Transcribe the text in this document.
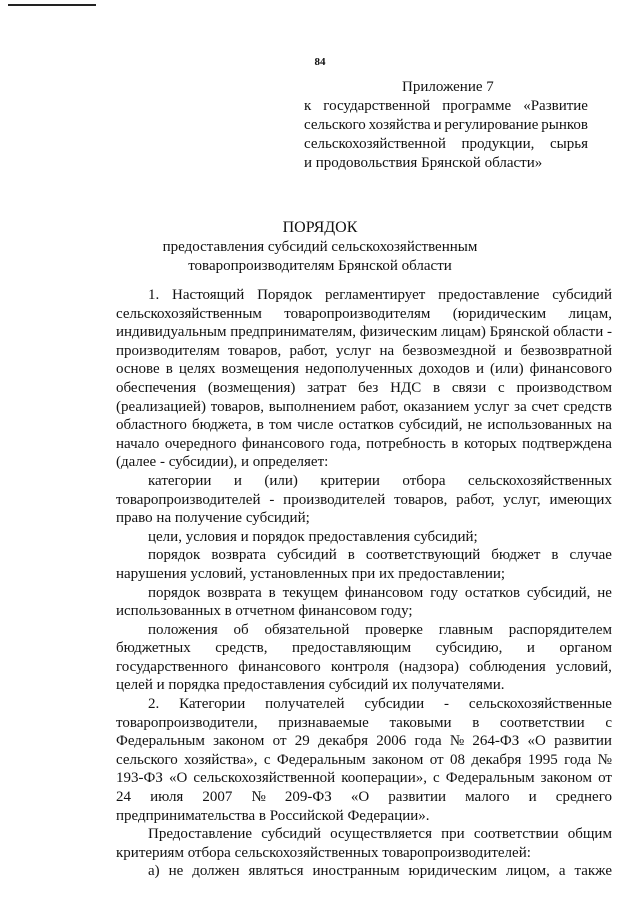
84
Приложение 7
к государственной программе «Развитие
сельского хозяйства и регулирование рынков
сельскохозяйственной продукции, сырья
и продовольствия Брянской области»
ПОРЯДОК
предоставления субсидий сельскохозяйственным
товаропроизводителям Брянской области
1. Настоящий Порядок регламентирует предоставление субсидий
сельскохозяйственным товаропроизводителям (юридическим лицам,
индивидуальным предпринимателям, физическим лицам) Брянской области -
производителям товаров, работ, услуг на безвозмездной и безвозвратной
основе в целях возмещения недополученных доходов и (или) финансового
обеспечения (возмещения) затрат без НДС в связи с производством
(реализацией) товаров, выполнением работ, оказанием услуг за счет средств
областного бюджета, в том числе остатков субсидий, не использованных на
начало очередного финансового года, потребность в которых подтверждена
(далее - субсидии), и определяет:
категории и (или) критерии отбора сельскохозяйственных
товаропроизводителей - производителей товаров, работ, услуг, имеющих
право на получение субсидий;
цели, условия и порядок предоставления субсидий;
порядок возврата субсидий в соответствующий бюджет в случае
нарушения условий, установленных при их предоставлении;
порядок возврата в текущем финансовом году остатков субсидий, не
использованных в отчетном финансовом году;
положения об обязательной проверке главным распорядителем
бюджетных средств, предоставляющим субсидию, и органом
государственного финансового контроля (надзора) соблюдения условий,
целей и порядка предоставления субсидий их получателями.
2. Категории получателей субсидии - сельскохозяйственные
товаропроизводители, признаваемые таковыми в соответствии с
Федеральным законом от 29 декабря 2006 года № 264-ФЗ «О развитии
сельского хозяйства», с Федеральным законом от 08 декабря 1995 года №
193-ФЗ «О сельскохозяйственной кооперации», с Федеральным законом от
24 июля 2007 № 209-ФЗ «О развитии малого и среднего
предпринимательства в Российской Федерации».
Предоставление субсидий осуществляется при соответствии общим
критериям отбора сельскохозяйственных товаропроизводителей:
а) не должен являться иностранным юридическим лицом, а также
